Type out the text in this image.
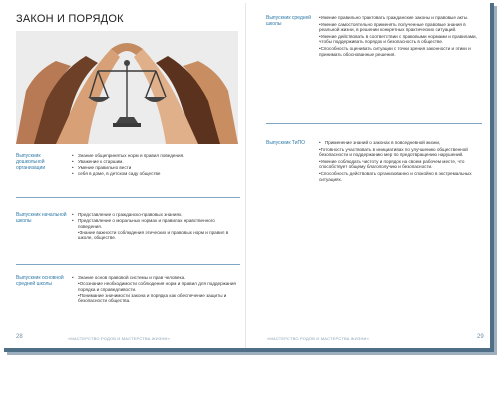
ЗАКОН И ПОРЯДОК
Выпускник дошкольной организации
• Знание общепринятых норм и правил поведения.
• Уважение к старшим.
• Умение правильно вести
• себя в доме, в детском саду обществе
Выпускник начальной школы
• Представление о гражданско-правовых знаниях.
• Представление о моральных нормах и правилах нравственного поведения.
•Знание важности соблюдения этических и правовых норм и правил в школе, обществе.
Выпускник основной средней школы
• Знание основ правовой системы и прав человека.
•Осознание необходимости соблюдения норм и правил для поддержания порядка и справедливости.
•Понимание значимости закона и порядка как обеспечение защиты и безопасности общества.
28	«МАСТЕРСТВО РОДОВ И МАСТЕРСТВА ЖИЗНИ»
Выпускник средней школы
•Умение правильно трактовать гражданские законы и правовые акты.
•Умение самостоятельно применять полученные правовые знания в реальной жизни, в решении конкретных практических ситуаций.
•Умение действовать в соответствии с правовыми нормами и правилами, чтобы поддерживать порядок и безопасность в обществе.
•Способность оценивать ситуации с точки зрения законности и этики и принимать обоснованные решения.
Выпускник ТиПО
•	Применение знаний о законах в повседневной жизни,
•Готовность участвовать в инициативах по улучшению общественной безопасности и поддержанию мер по предотвращению нарушений.
•Умение соблюдать чистоту и порядок на своем рабочем месте, что способствует общему благополучию и безопасности.
•Способность действовать организованно и спокойно в экстремальных ситуациях.
«МАСТЕРСТВО РОДОВ И МАСТЕРСТВА ЖИЗНИ»	29
